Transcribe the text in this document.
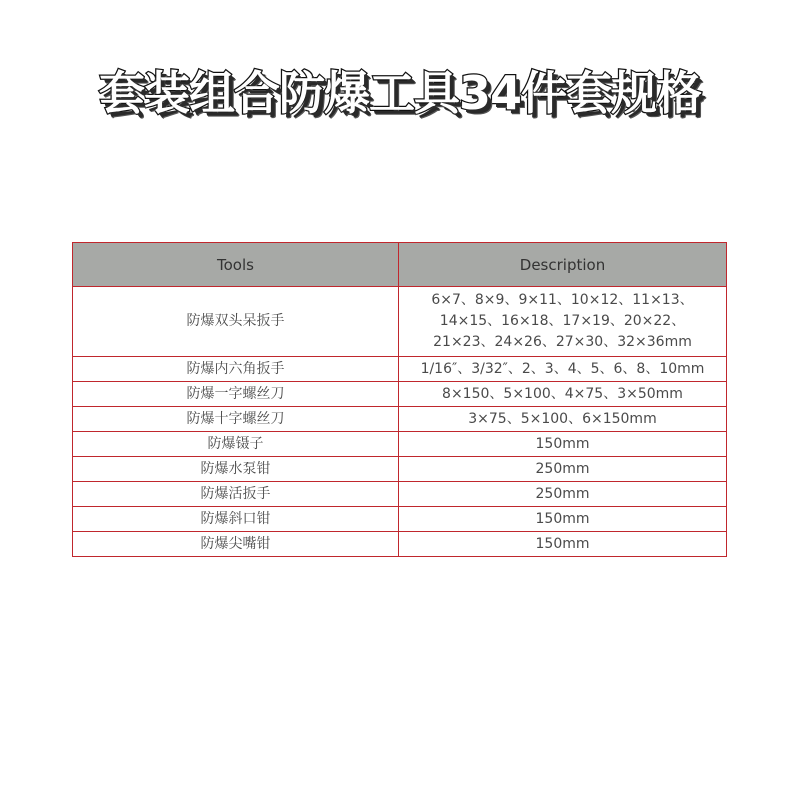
套装组合防爆工具34件套规格
Tools	Description
防爆双头呆扳手	6×7、8×9、9×11、10×12、11×13、
14×15、16×18、17×19、20×22、
21×23、24×26、27×30、32×36mm
防爆内六角扳手	1/16″、3/32″、2、3、4、5、6、8、10mm
防爆一字螺丝刀	8×150、5×100、4×75、3×50mm
防爆十字螺丝刀	3×75、5×100、6×150mm
防爆镊子	150mm
防爆水泵钳	250mm
防爆活扳手	250mm
防爆斜口钳	150mm
防爆尖嘴钳	150mm
